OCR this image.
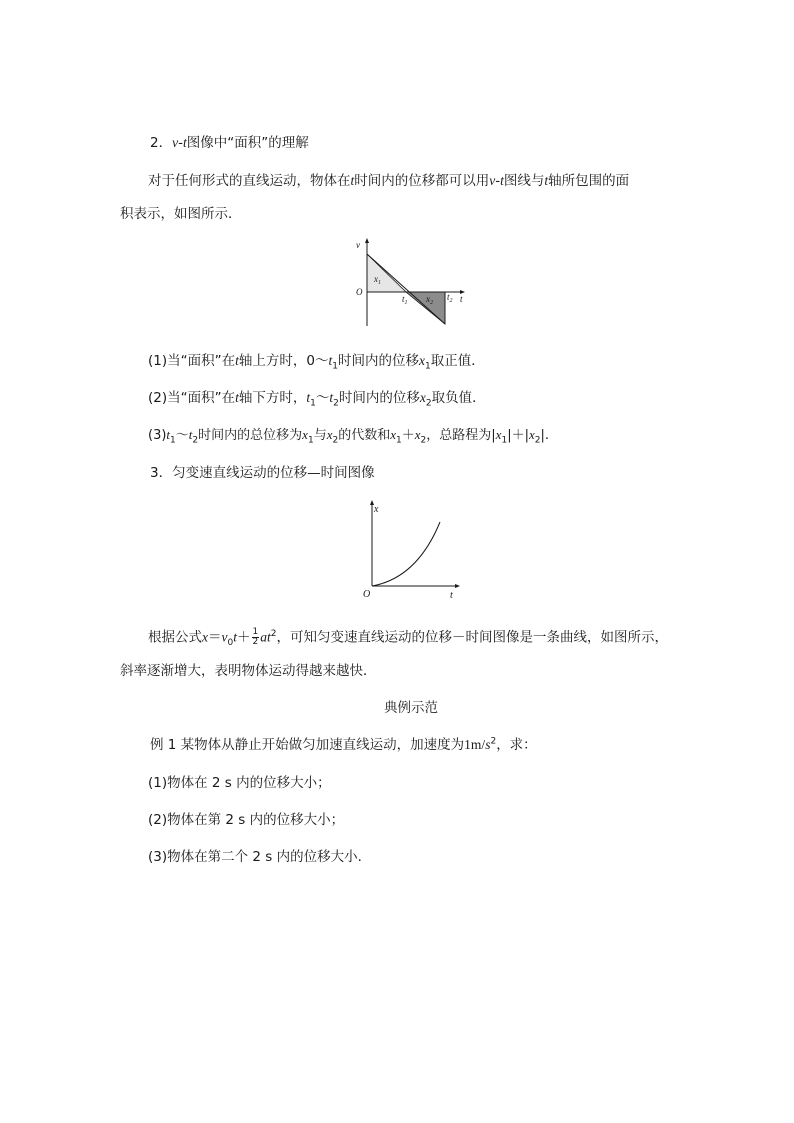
2．v-t图像中“面积”的理解
对于任何形式的直线运动，物体在t时间内的位移都可以用v-t图线与t轴所包围的面
积表示，如图所示．
v
O
t
$x_1$
$x_2$
$t_1$
$t_2$
(1)当“面积”在t轴上方时，$0\sim t_1$时间内的位移$x_1$取正值．
(2)当“面积”在t轴下方时，$t_1\sim t_2$时间内的位移$x_2$取负值．
$(3)t_1\sim t_2$时间内的总位移为$x_1$与$x_2$的代数和$x_1+x_2$，总路程为$|x_1|+|x_2|$.
3．匀变速直线运动的位移—时间图像
x
O	t
根据公式$x=v_0t+ \frac{1}{2} at^2$，可知匀变速直线运动的位移－时间图像是一条曲线，如图所示，
斜率逐渐增大，表明物体运动得越来越快．
典例示范
例 1 某物体从静止开始做匀加速直线运动，加速度为$1m/s^2$，求：
(1)物体在 2 s 内的位移大小；
(2)物体在第 2 s 内的位移大小；
(3)物体在第二个 2 s 内的位移大小．
